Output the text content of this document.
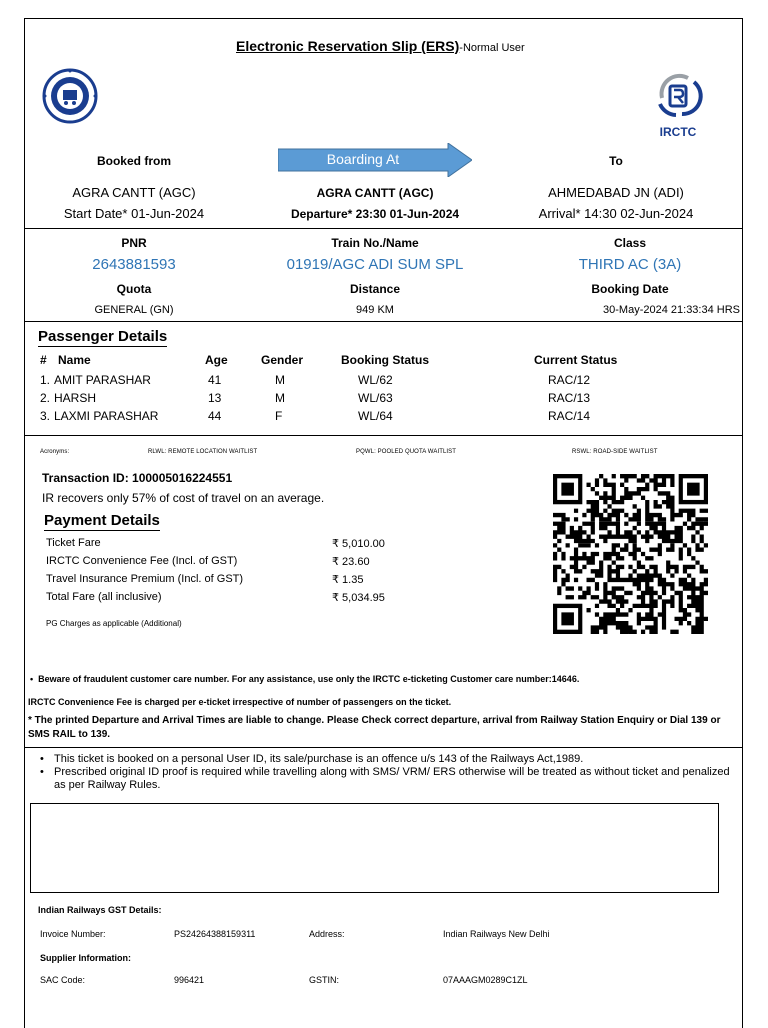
Electronic Reservation Slip (ERS)-Normal User
IRCTC
Booked from	Boarding At	To
AGRA CANTT (AGC)	AGRA CANTT (AGC)	AHMEDABAD JN (ADI)
Start Date* 01-Jun-2024	Departure* 23:30 01-Jun-2024	Arrival* 14:30 02-Jun-2024
PNR	Train No./Name	Class
2643881593	01919/AGC ADI SUM SPL	THIRD AC (3A)
Quota	Distance	Booking Date
GENERAL (GN)	949 KM	30-May-2024 21:33:34 HRS
Passenger Details
# Name	Age	Gender	Booking Status	Current Status
1. AMIT PARASHAR	41	M	WL/62	RAC/12
2. HARSH	13	M	WL/63	RAC/13
3. LAXMI PARASHAR	44	F	WL/64	RAC/14
Acronyms:	RLWL: REMOTE LOCATION WAITLIST	PQWL: POOLED QUOTA WAITLIST	RSWL: ROAD-SIDE WAITLIST
Transaction ID: 100005016224551
IR recovers only 57% of cost of travel on an average.
Payment Details
Ticket Fare	₹ 5,010.00
IRCTC Convenience Fee (Incl. of GST)	₹ 23.60
Travel Insurance Premium (Incl. of GST)	₹ 1.35
Total Fare (all inclusive)	₹ 5,034.95
PG Charges as applicable (Additional)
•  Beware of fraudulent customer care number. For any assistance, use only the IRCTC e-ticketing Customer care number:14646.
IRCTC Convenience Fee is charged per e-ticket irrespective of number of passengers on the ticket.
* The printed Departure and Arrival Times are liable to change. Please Check correct departure, arrival from Railway Station Enquiry or Dial 139 or SMS RAIL to 139.
• This ticket is booked on a personal User ID, its sale/purchase is an offence u/s 143 of the Railways Act,1989.
• Prescribed original ID proof is required while travelling along with SMS/ VRM/ ERS otherwise will be treated as without ticket and penalized as per Railway Rules.
Indian Railways GST Details:
Invoice Number:	PS24264388159311	Address:	Indian Railways New Delhi
Supplier Information:
SAC Code:	996421	GSTIN:	07AAAGM0289C1ZL
